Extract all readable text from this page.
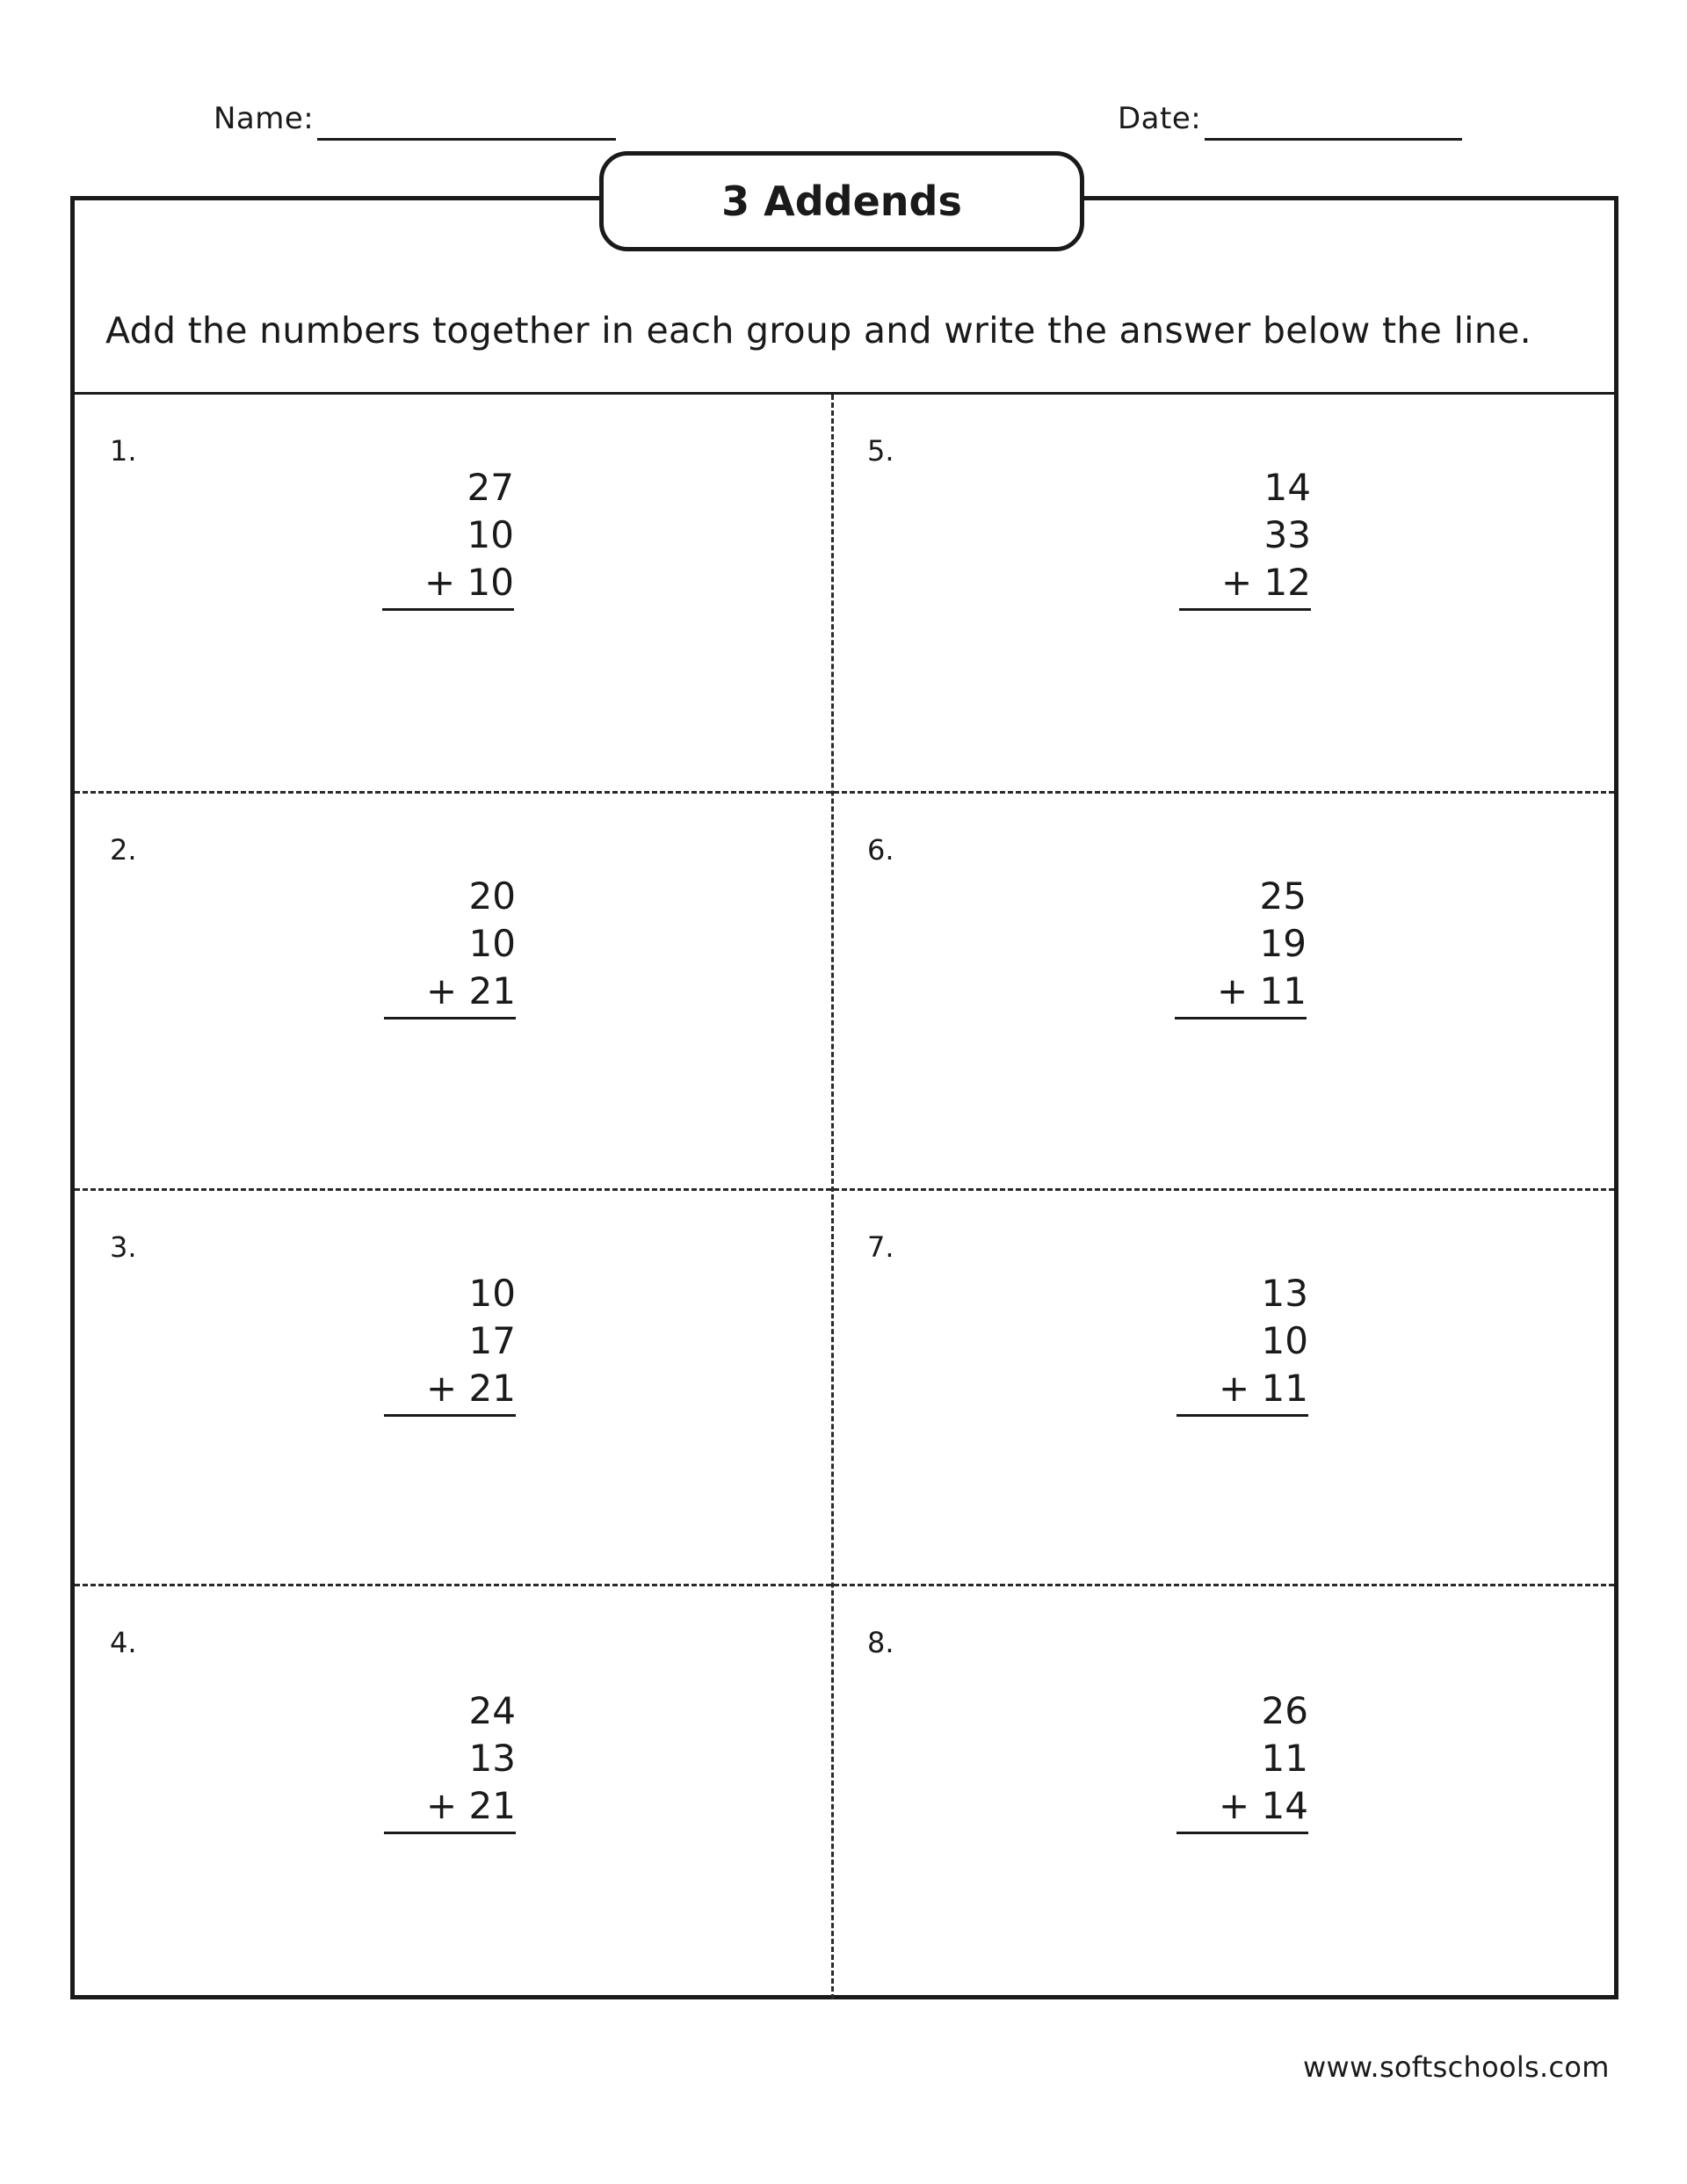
Name:	Date:
3 Addends
Add the numbers together in each group and write the answer below the line.
1.
27
10
+ 10
2.
20
10
+ 21
3.
10
17
+ 21
4.
24
13
+ 21
5.
14
33
+ 12
6.
25
19
+ 11
7.
13
10
+ 11
8.
26
11
+ 14
www.softschools.com
